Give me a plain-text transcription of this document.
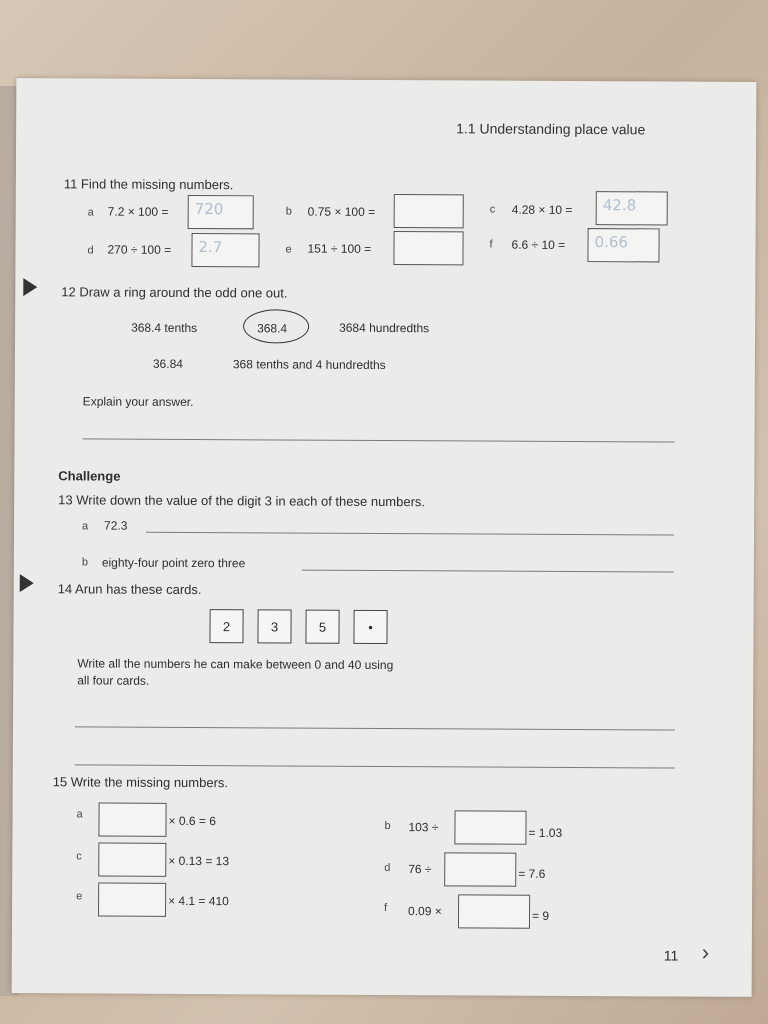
1.1 Understanding place value
11 Find the missing numbers.
a 7.2 × 100 = 720	b 0.75 × 100 =	c 4.28 × 10 = 42.8
d 270 ÷ 100 = 2.7	e 151 ÷ 100 =	f 6.6 ÷ 10 = 0.66
12 Draw a ring around the odd one out.
368.4 tenths	368.4	3684 hundredths
36.84	368 tenths and 4 hundredths
Explain your answer.
Challenge
13 Write down the value of the digit 3 in each of these numbers.
a 72.3
b eighty-four point zero three
14 Arun has these cards.
2	3	5	•
Write all the numbers he can make between 0 and 40 using
all four cards.
15 Write the missing numbers.
a	× 0.6 = 6	b 103 ÷	= 1.03
c	× 0.13 = 13	d 76 ÷	= 7.6
e	× 4.1 = 410	f 0.09 ×	= 9
11 ›
